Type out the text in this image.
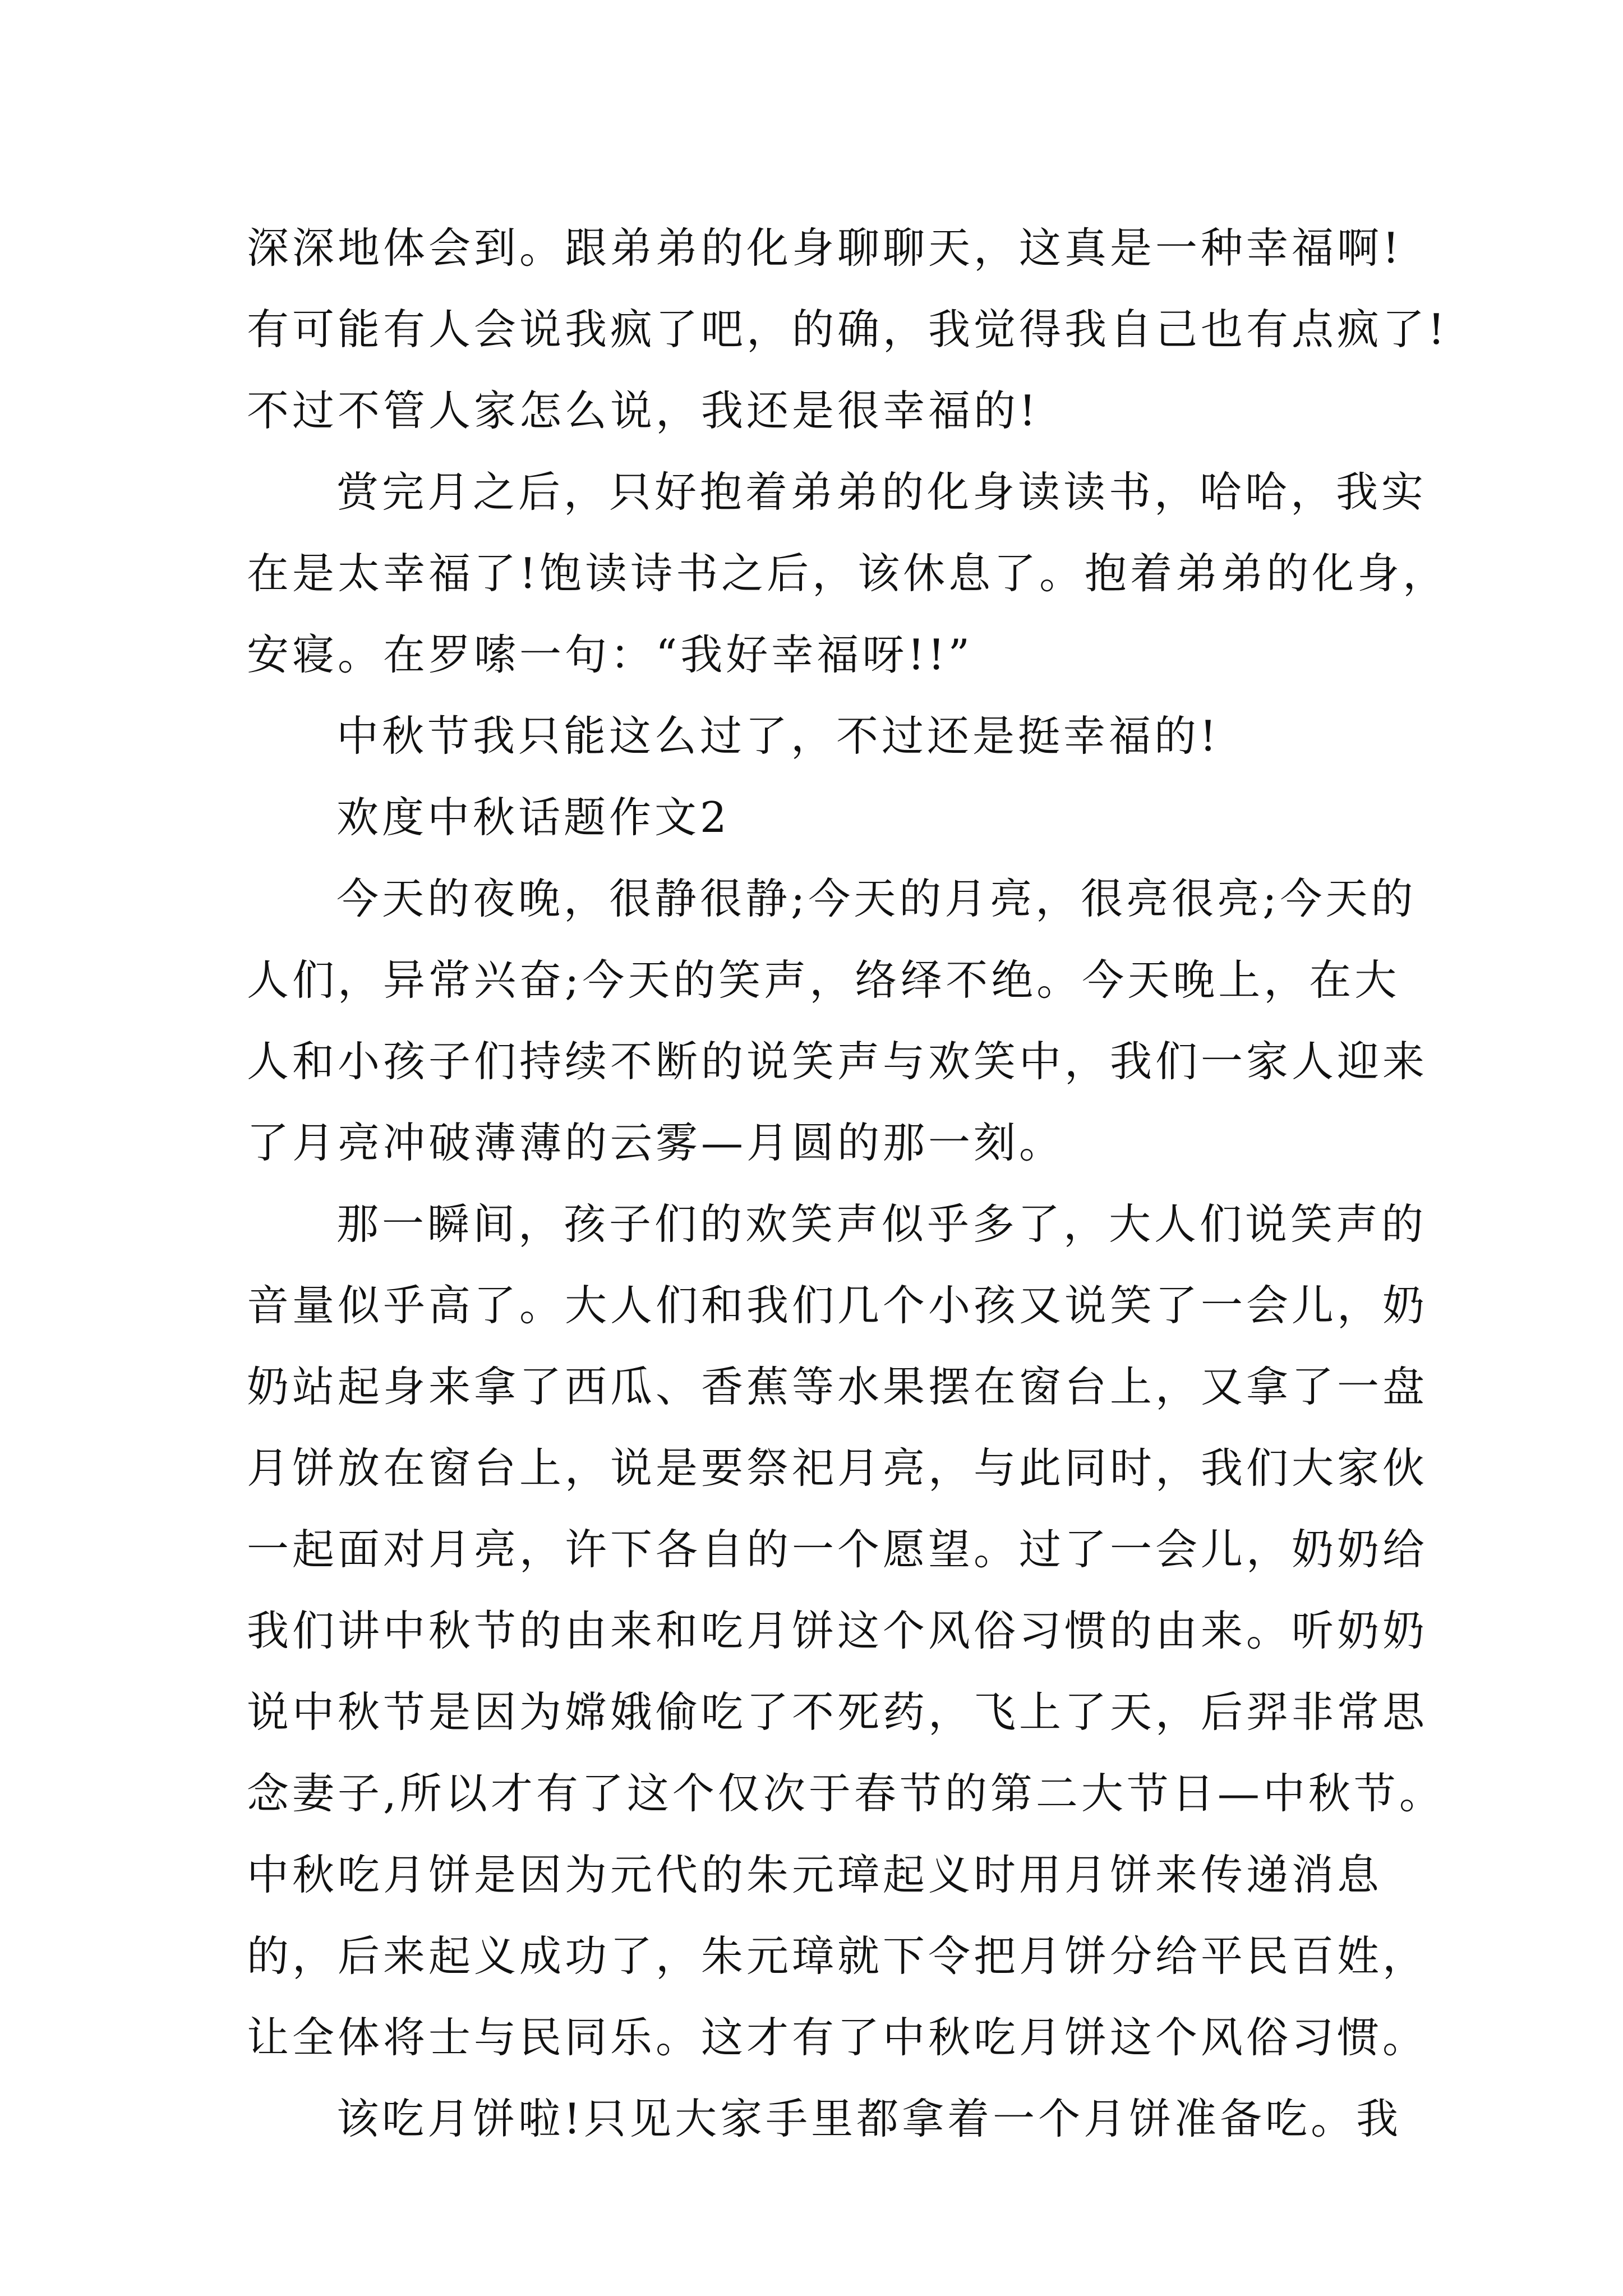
深深地体会到。跟弟弟的化身聊聊天，这真是一种幸福啊!
有可能有人会说我疯了吧，的确，我觉得我自己也有点疯了!
不过不管人家怎么说，我还是很幸福的!
赏完月之后，只好抱着弟弟的化身读读书，哈哈，我实
在是太幸福了!饱读诗书之后，该休息了。抱着弟弟的化身，
安寝。在罗嗦一句：“我好幸福呀!!”
中秋节我只能这么过了，不过还是挺幸福的!
欢度中秋话题作文2
今天的夜晚，很静很静;今天的月亮，很亮很亮;今天的
人们，异常兴奋;今天的笑声，络绎不绝。今天晚上，在大
人和小孩子们持续不断的说笑声与欢笑中，我们一家人迎来
了月亮冲破薄薄的云雾—月圆的那一刻。
那一瞬间，孩子们的欢笑声似乎多了，大人们说笑声的
音量似乎高了。大人们和我们几个小孩又说笑了一会儿，奶
奶站起身来拿了西瓜、香蕉等水果摆在窗台上，又拿了一盘
月饼放在窗台上，说是要祭祀月亮，与此同时，我们大家伙
一起面对月亮，许下各自的一个愿望。过了一会儿，奶奶给
我们讲中秋节的由来和吃月饼这个风俗习惯的由来。听奶奶
说中秋节是因为嫦娥偷吃了不死药，飞上了天，后羿非常思
念妻子,所以才有了这个仅次于春节的第二大节日—中秋节。
中秋吃月饼是因为元代的朱元璋起义时用月饼来传递消息
的，后来起义成功了，朱元璋就下令把月饼分给平民百姓，
让全体将士与民同乐。这才有了中秋吃月饼这个风俗习惯。
该吃月饼啦!只见大家手里都拿着一个月饼准备吃。我
